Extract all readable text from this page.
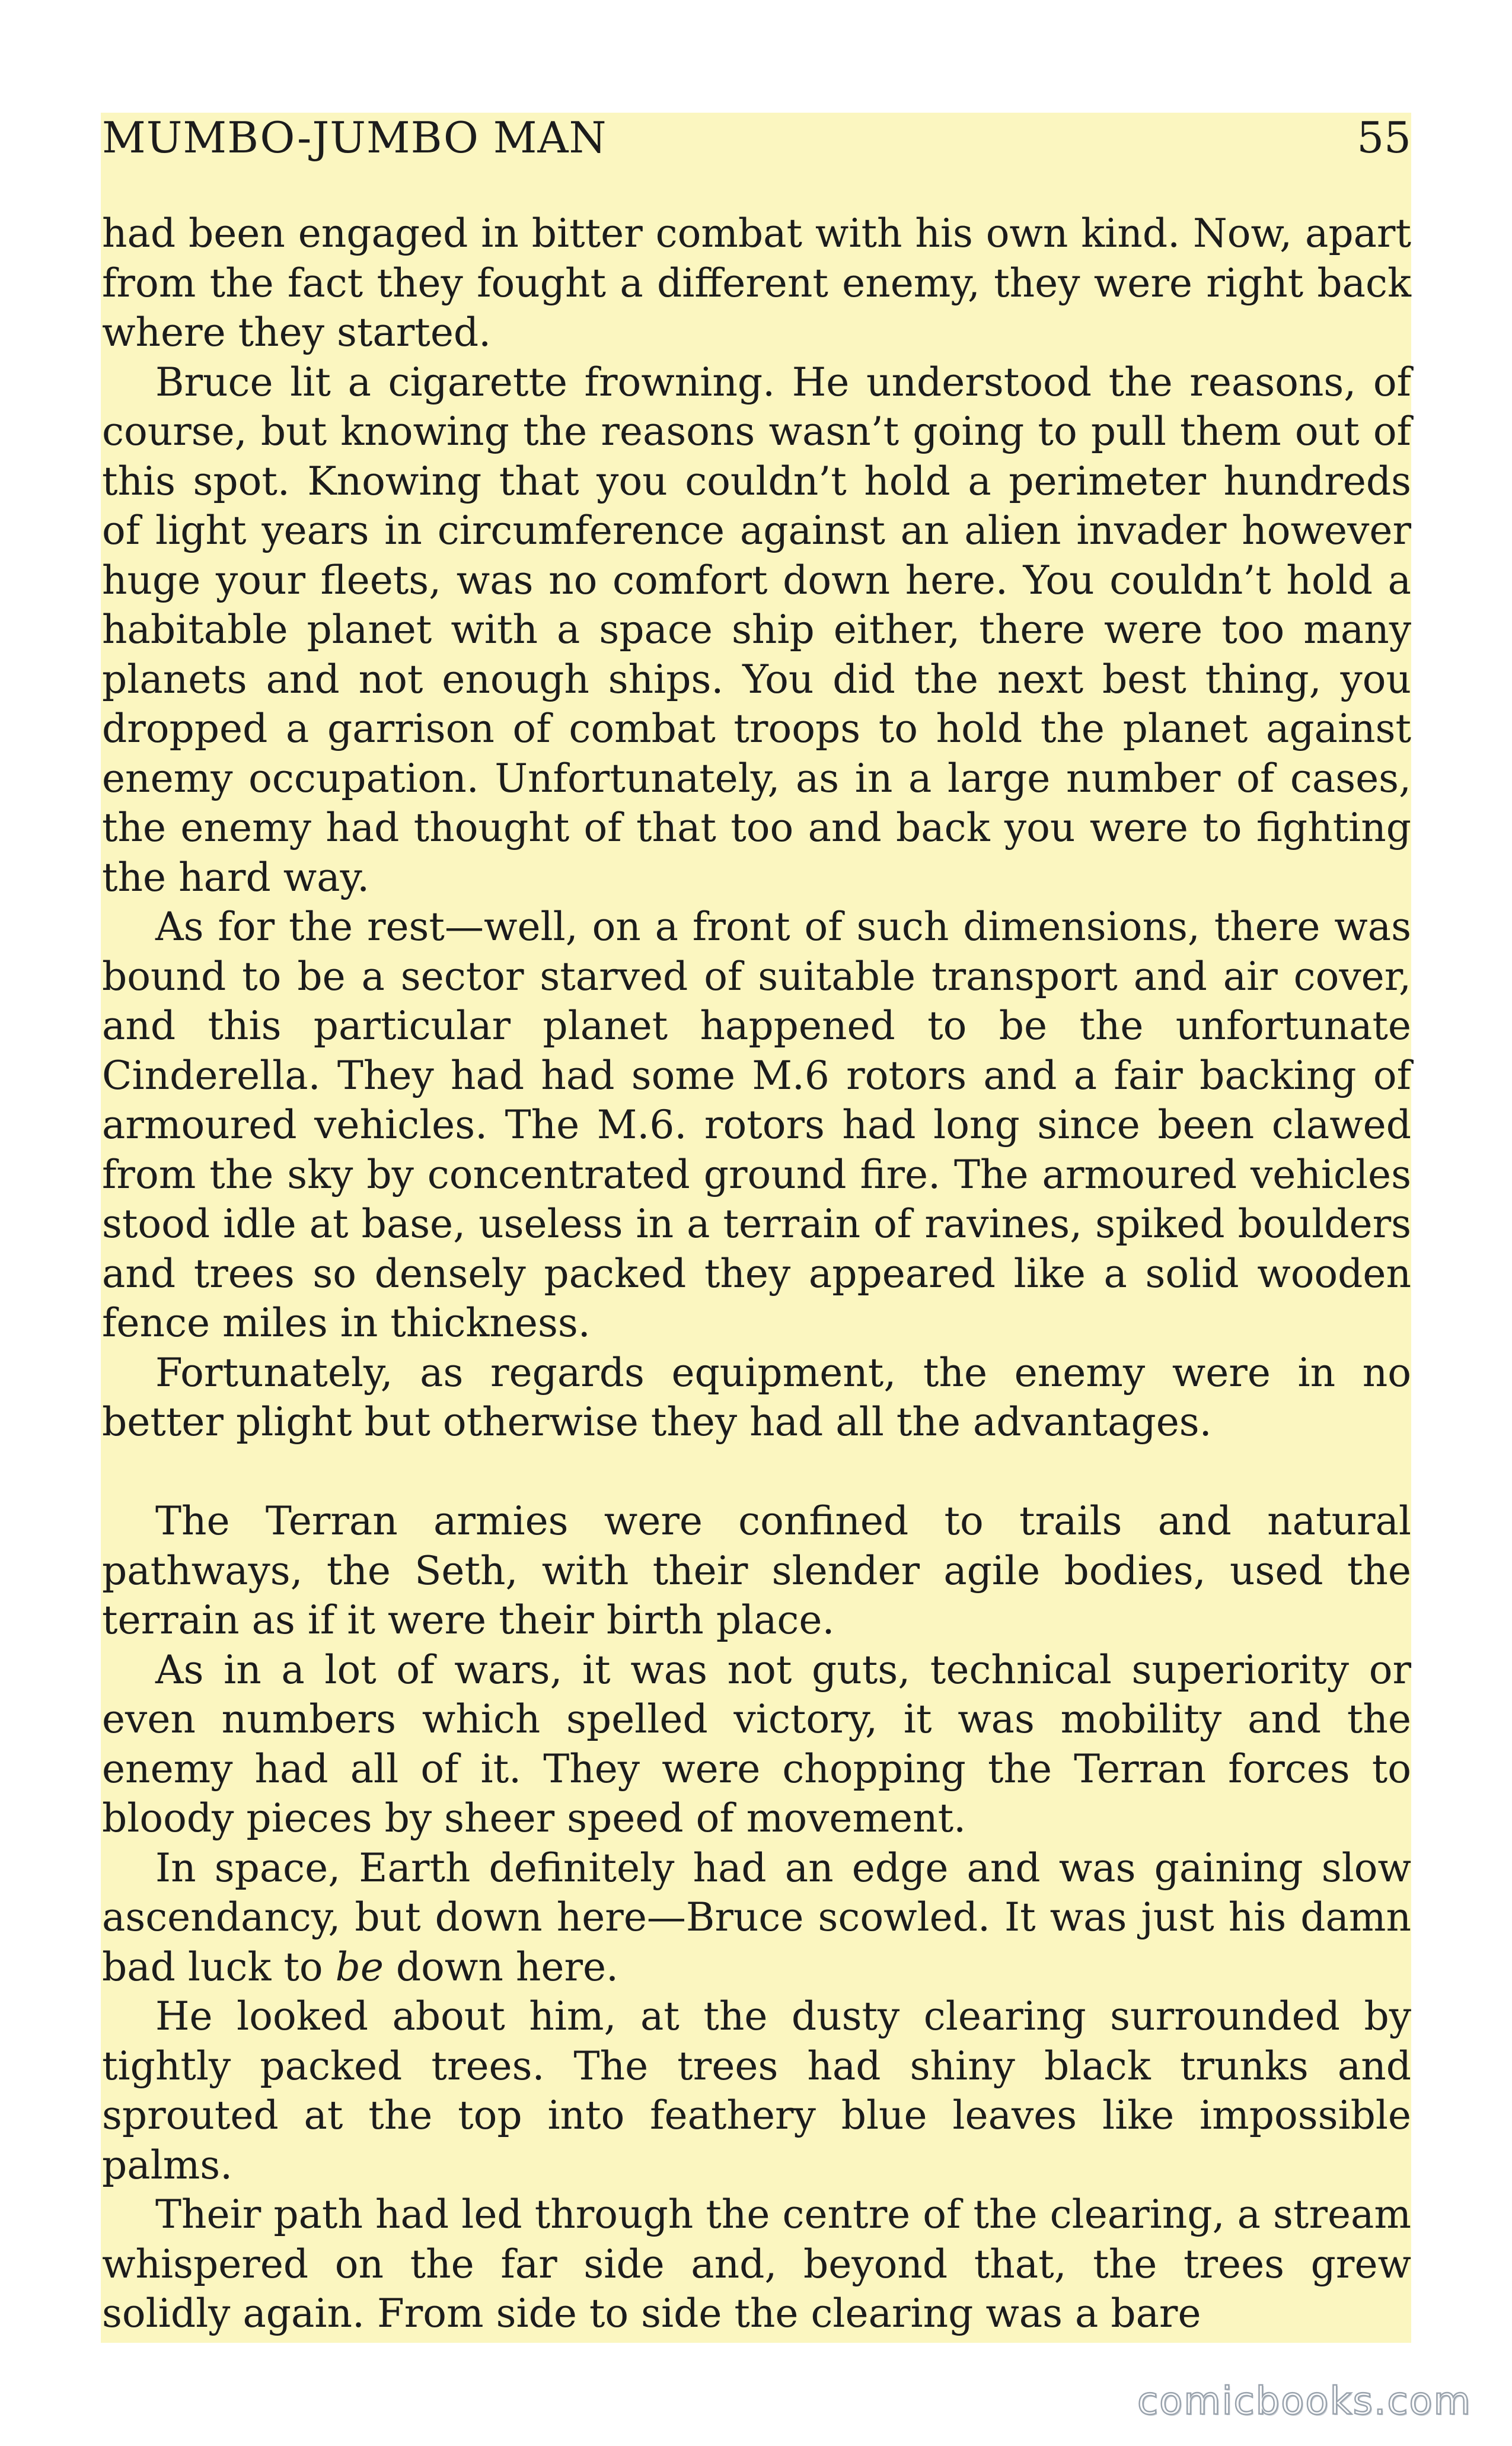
MUMBO-JUMBO MAN	55

had been engaged in bitter combat with his own kind. Now, apart from the fact they fought a different enemy, they were right back where they started.

Bruce lit a cigarette frowning. He understood the reasons, of course, but knowing the reasons wasn’t going to pull them out of this spot. Knowing that you couldn’t hold a perimeter hundreds of light years in circumference against an alien invader however huge your fleets, was no comfort down here. You couldn’t hold a habitable planet with a space ship either, there were too many planets and not enough ships. You did the next best thing, you dropped a garrison of combat troops to hold the planet against enemy occupation. Unfortunately, as in a large number of cases, the enemy had thought of that too and back you were to fighting the hard way.

As for the rest—well, on a front of such dimensions, there was bound to be a sector starved of suitable transport and air cover, and this particular planet happened to be the unfortunate Cinderella. They had had some M.6 rotors and a fair backing of armoured vehicles. The M.6. rotors had long since been clawed from the sky by concentrated ground fire. The armoured vehicles stood idle at base, useless in a terrain of ravines, spiked boulders and trees so densely packed they appeared like a solid wooden fence miles in thickness.

Fortunately, as regards equipment, the enemy were in no better plight but otherwise they had all the advantages.

The Terran armies were confined to trails and natural pathways, the Seth, with their slender agile bodies, used the terrain as if it were their birth place.

As in a lot of wars, it was not guts, technical superiority or even numbers which spelled victory, it was mobility and the enemy had all of it. They were chopping the Terran forces to bloody pieces by sheer speed of movement.

In space, Earth definitely had an edge and was gaining slow ascendancy, but down here—Bruce scowled. It was just his damn bad luck to be down here.

He looked about him, at the dusty clearing surrounded by tightly packed trees. The trees had shiny black trunks and sprouted at the top into feathery blue leaves like impossible palms.

Their path had led through the centre of the clearing, a stream whispered on the far side and, beyond that, the trees grew solidly again. From side to side the clearing was a bare

comicbooks.com
